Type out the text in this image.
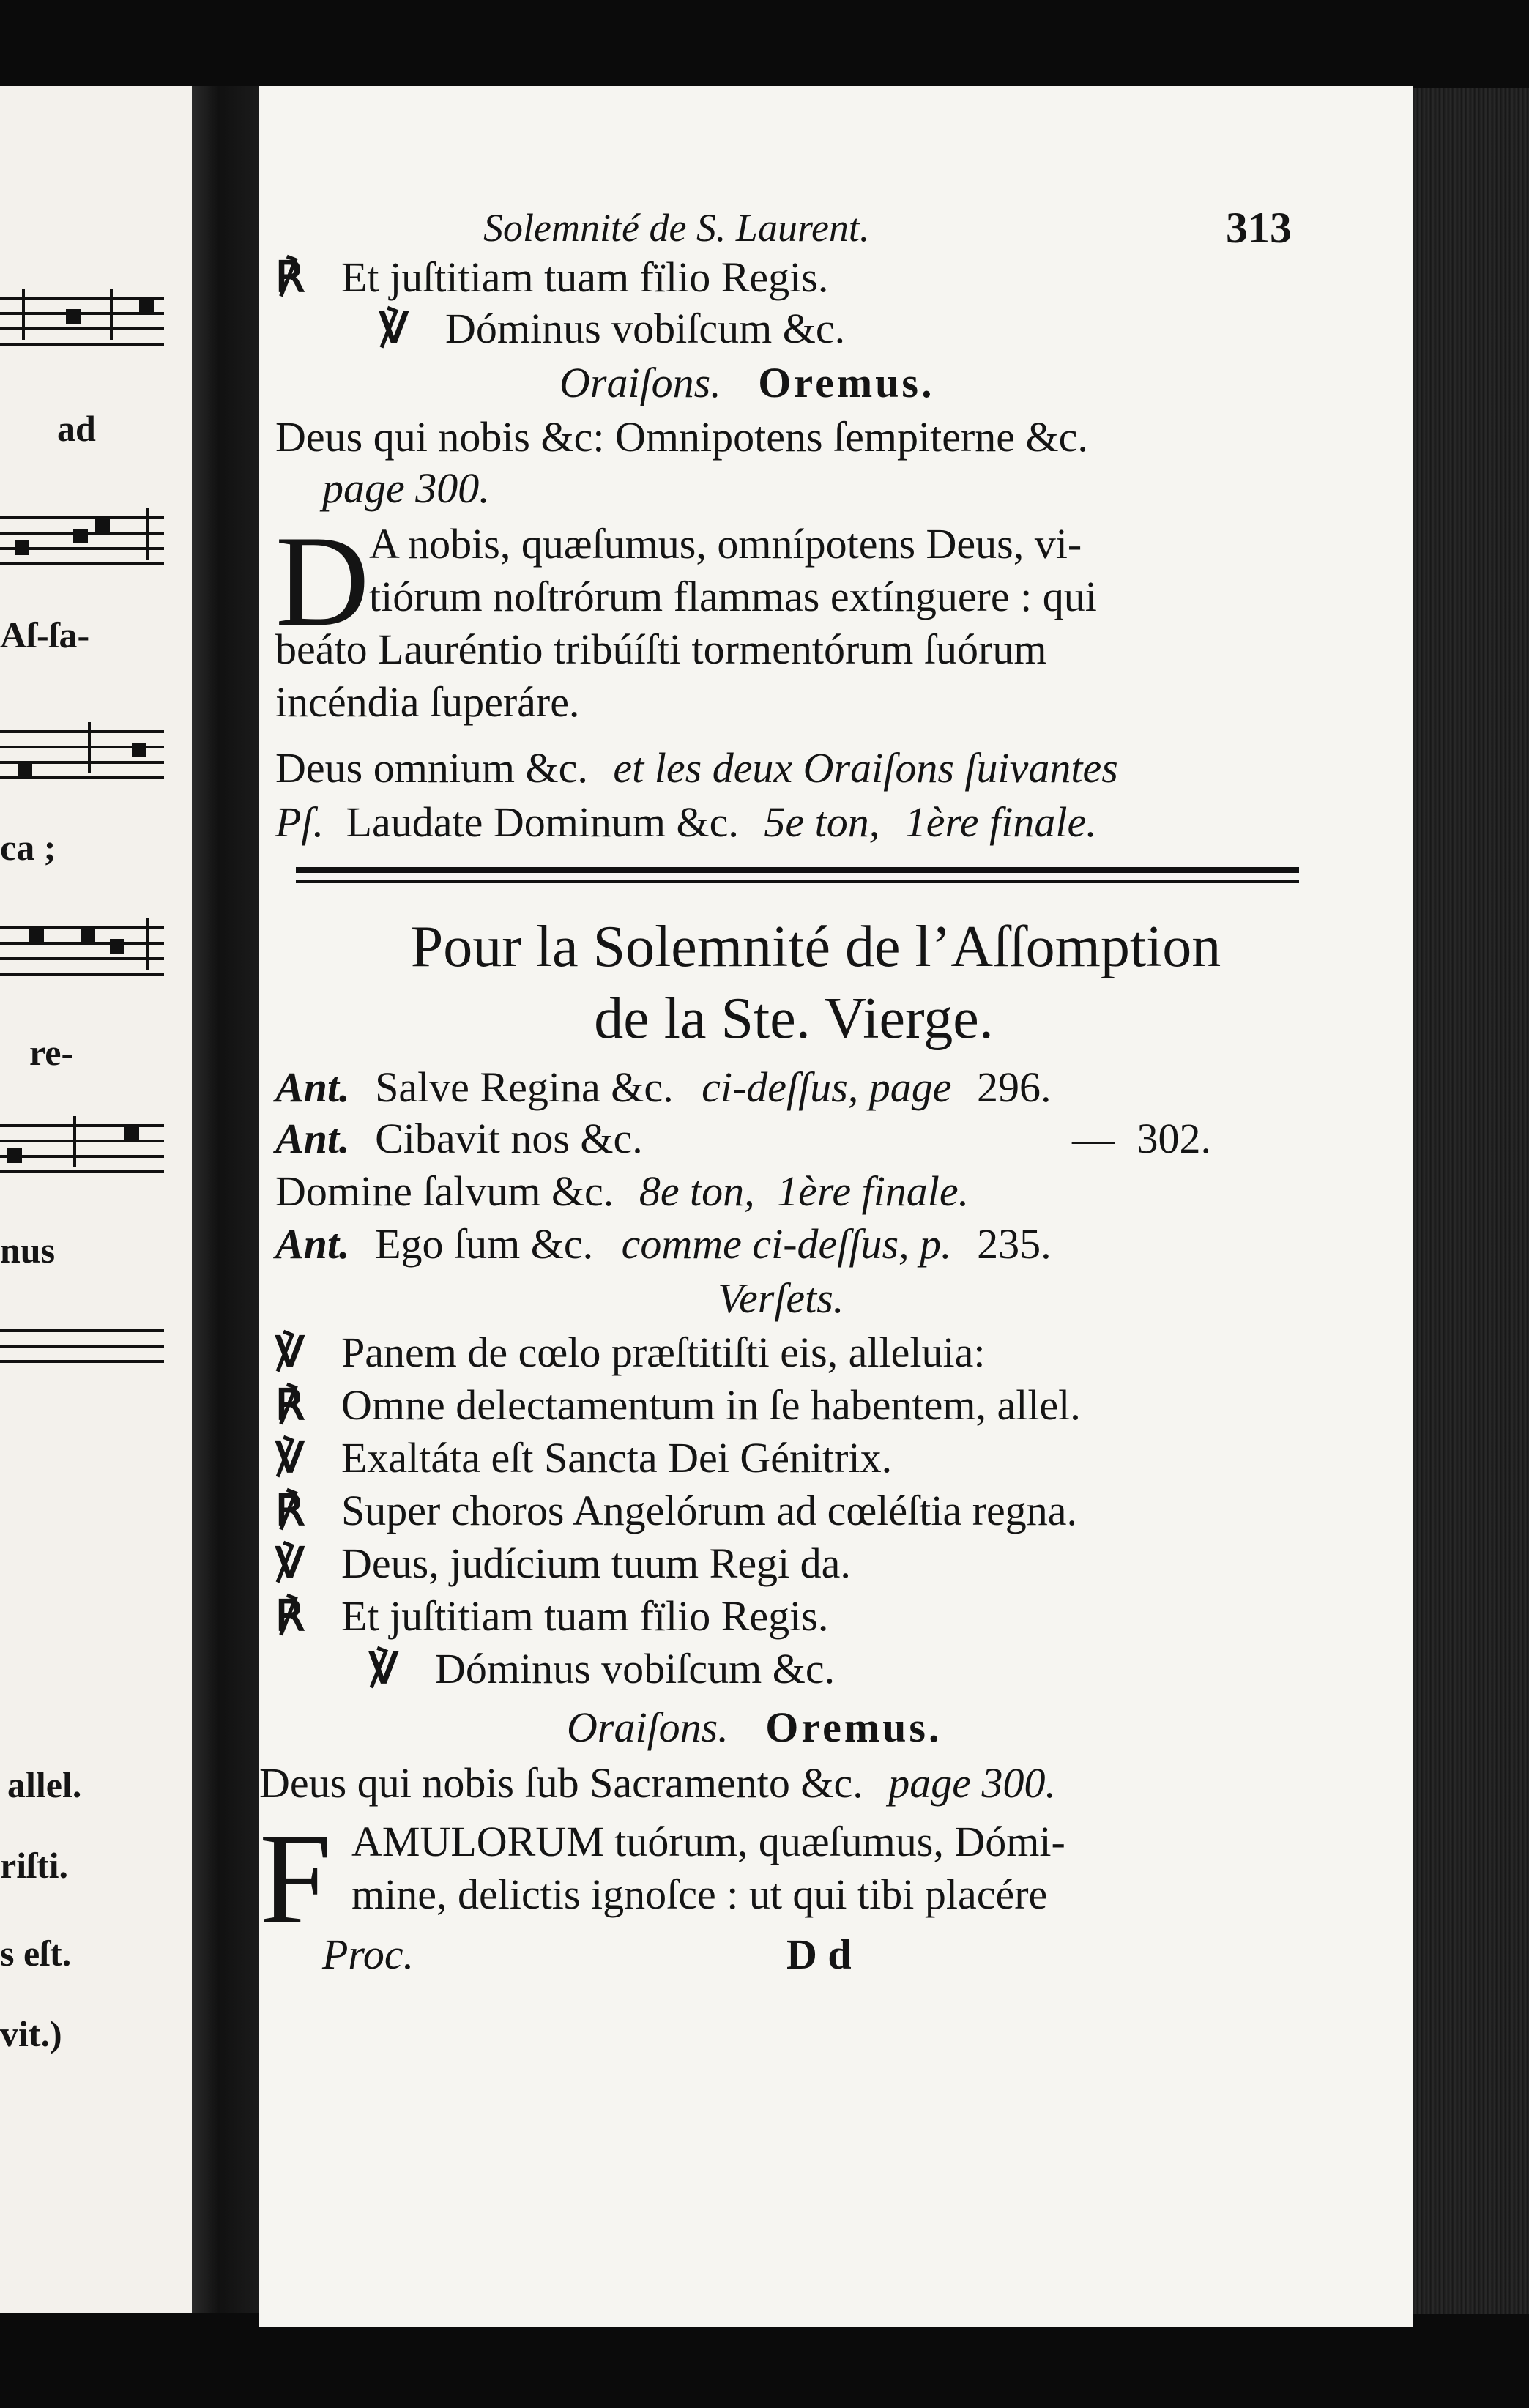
ad
Aſ-ſa-
ca ;
re-
nus
allel.
riſti.
s eſt.
vit.)
Solemnité de S. Laurent.	313
℟ Et juſtitiam tuam fïlio Regis.
℣ Dóminus vobiſcum &c.
Oraiſons. Oremus.
Deus qui nobis &c: Omnipotens ſempiterne &c.
page 300.
D A nobis, quæſumus, omnípotens Deus, vi-
tiórum noſtrórum flammas extínguere : qui
beáto Lauréntio tribúíſti tormentórum ſuórum
incéndia ſuperáre.
Deus omnium &c. et les deux Oraiſons ſuivantes
Pſ. Laudate Dominum &c. 5e ton, 1ère finale.
Pour la Solemnité de l’Aſſomption
de la Ste. Vierge.
Ant. Salve Regina &c. ci-deſſus, page 296.
Ant. Cibavit nos &c.	— 302.
Domine ſalvum &c. 8e ton, 1ère finale.
Ant. Ego ſum &c. comme ci-deſſus, p. 235.
Verſets.
℣ Panem de cœlo præſtitiſti eis, alleluia:
℟ Omne delectamentum in ſe habentem, allel.
℣ Exaltáta eſt Sancta Dei Génitrix.
℟ Super choros Angelórum ad cœléſtia regna.
℣ Deus, judícium tuum Regi da.
℟ Et juſtitiam tuam fïlio Regis.
℣ Dóminus vobiſcum &c.
Oraiſons. Oremus.
Deus qui nobis ſub Sacramento &c. page 300.
F AMULORUM tuórum, quæſumus, Dómi-
mine, delictis ignoſce : ut qui tibi placére
Proc.	D d
